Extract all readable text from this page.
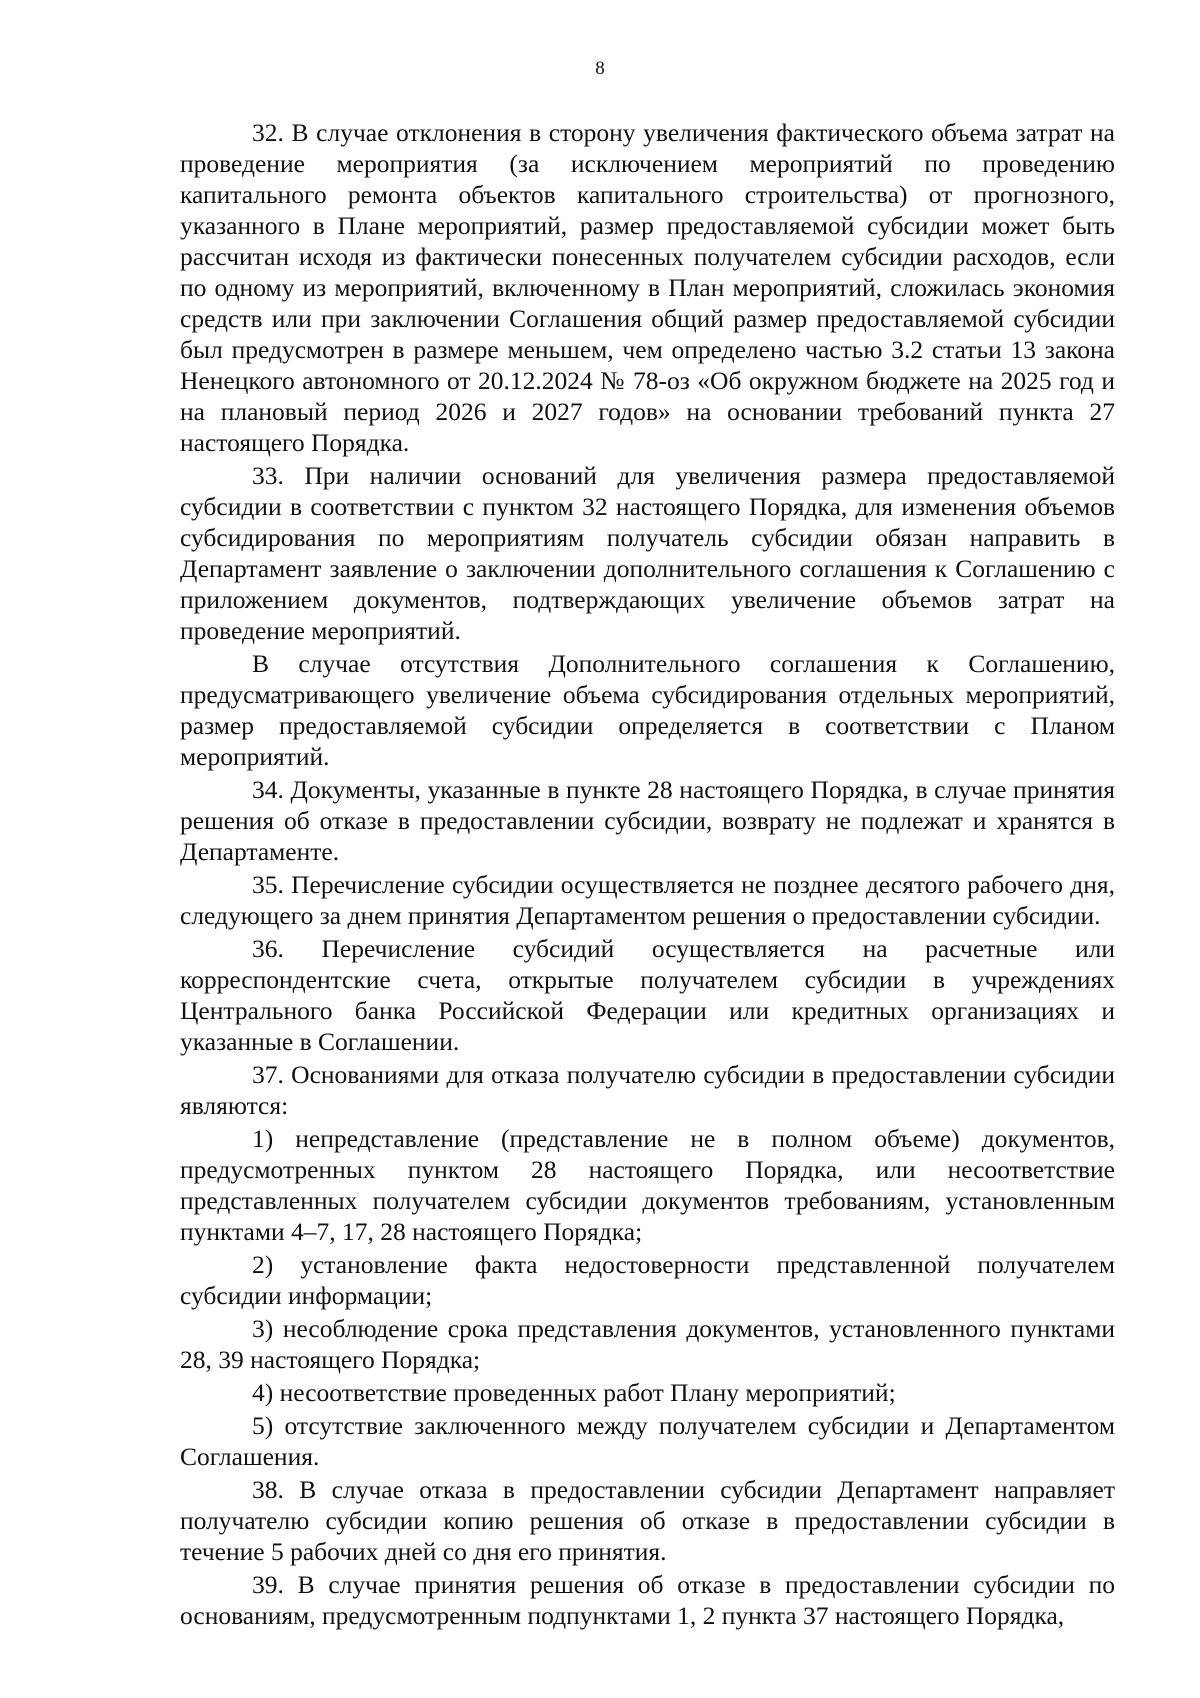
8

32. В случае отклонения в сторону увеличения фактического объема затрат на проведение мероприятия (за исключением мероприятий по проведению капитального ремонта объектов капитального строительства) от прогнозного, указанного в Плане мероприятий, размер предоставляемой субсидии может быть рассчитан исходя из фактически понесенных получателем субсидии расходов, если по одному из мероприятий, включенному в План мероприятий, сложилась экономия средств или при заключении Соглашения общий размер предоставляемой субсидии был предусмотрен в размере меньшем, чем определено частью 3.2 статьи 13 закона Ненецкого автономного от 20.12.2024 № 78-оз «Об окружном бюджете на 2025 год и на плановый период 2026 и 2027 годов» на основании требований пункта 27 настоящего Порядка.

33. При наличии оснований для увеличения размера предоставляемой субсидии в соответствии с пунктом 32 настоящего Порядка, для изменения объемов субсидирования по мероприятиям получатель субсидии обязан направить в Департамент заявление о заключении дополнительного соглашения к Соглашению с приложением документов, подтверждающих увеличение объемов затрат на проведение мероприятий.

В случае отсутствия Дополнительного соглашения к Соглашению, предусматривающего увеличение объема субсидирования отдельных мероприятий, размер предоставляемой субсидии определяется в соответствии с Планом мероприятий.

34. Документы, указанные в пункте 28 настоящего Порядка, в случае принятия решения об отказе в предоставлении субсидии, возврату не подлежат и хранятся в Департаменте.

35. Перечисление субсидии осуществляется не позднее десятого рабочего дня, следующего за днем принятия Департаментом решения о предоставлении субсидии.

36. Перечисление субсидий осуществляется на расчетные или корреспондентские счета, открытые получателем субсидии в учреждениях Центрального банка Российской Федерации или кредитных организациях и указанные в Соглашении.

37. Основаниями для отказа получателю субсидии в предоставлении субсидии являются:

1) непредставление (представление не в полном объеме) документов, предусмотренных пунктом 28 настоящего Порядка, или несоответствие представленных получателем субсидии документов требованиям, установленным пунктами 4–7, 17, 28 настоящего Порядка;

2) установление факта недостоверности представленной получателем субсидии информации;

3) несоблюдение срока представления документов, установленного пунктами 28, 39 настоящего Порядка;

4) несоответствие проведенных работ Плану мероприятий;

5) отсутствие заключенного между получателем субсидии и Департаментом Соглашения.

38. В случае отказа в предоставлении субсидии Департамент направляет получателю субсидии копию решения об отказе в предоставлении субсидии в течение 5 рабочих дней со дня его принятия.

39. В случае принятия решения об отказе в предоставлении субсидии по основаниям, предусмотренным подпунктами 1, 2 пункта 37 настоящего Порядка,
